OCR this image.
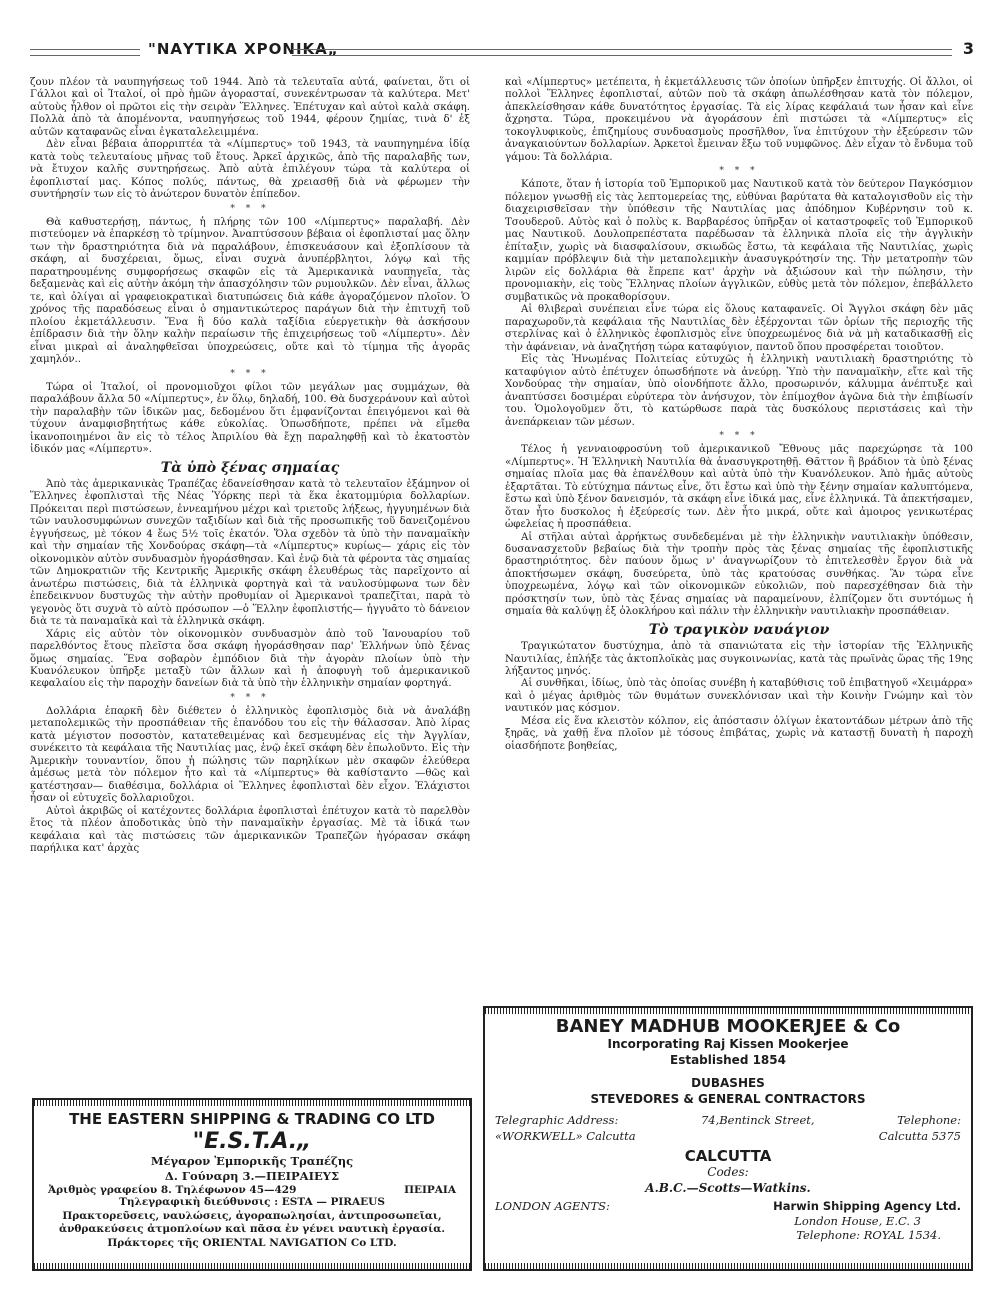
"ΝΑΥΤΙΚΑ ΧΡΟΝΙΚΑ„	3

ζουν πλέον τὰ ναυπηγήσεως τοῦ 1944. Ἀπὸ τὰ τελευταῖα αὐτά, φαίνεται, ὅτι οἱ Γάλλοι καὶ οἱ Ἰταλοί, οἱ πρὸ ἡμῶν ἀγορασταί, συνεκέντρωσαν τὰ καλύτερα. Μετ' αὐτοὺς ἦλθον οἱ πρῶτοι εἰς τὴν σειρὰν Ἕλληνες. Ἐπέτυχαν καὶ αὐτοὶ καλὰ σκάφη. Πολλὰ ἀπὸ τὰ ἀπομένοντα, ναυπηγήσεως τοῦ 1944, φέρουν ζημίας, τινὰ δ' ἐξ αὐτῶν καταφανῶς εἶναι ἐγκαταλελειμμένα.

Δὲν εἶναι βέβαια ἀπορριπτέα τὰ «Λίμπερτυς» τοῦ 1943, τὰ ναυπηγημένα ἰδίᾳ κατὰ τοὺς τελευταίους μῆνας τοῦ ἔτους. Ἀρκεῖ ἀρχικῶς, ἀπὸ τῆς παραλαβῆς των, νὰ ἔτυχον καλῆς συντηρήσεως. Ἀπὸ αὐτὰ ἐπιλέγουν τώρα τὰ καλύτερα οἱ ἐφοπλισταί μας. Κόπος πολύς, πάντως, θὰ χρειασθῇ διὰ νὰ φέρωμεν τὴν συντήρησίν των εἰς τὸ ἀνώτερον δυνατὸν ἐπίπεδον.

* * *

Θὰ καθυστερήσῃ, πάντως, ἡ πλήρης τῶν 100 «Λίμπερτυς» παραλαβή. Δὲν πιστεύομεν νὰ ἐπαρκέσῃ τὸ τρίμηνον. Ἀναπτύσσουν βέβαια οἱ ἐφοπλισταί μας ὅλην των τὴν δραστηριότητα διὰ νὰ παραλάβουν, ἐπισκευάσουν καὶ ἐξοπλίσουν τὰ σκάφη, αἱ δυσχέρειαι, ὅμως, εἶναι συχνὰ ἀνυπέρβλητοι, λόγῳ καὶ τῆς παρατηρουμένης συμφορήσεως σκαφῶν εἰς τὰ Ἀμερικανικὰ ναυπηγεῖα, τὰς δεξαμενὰς καὶ εἰς αὐτὴν ἀκόμη τὴν ἀπασχόλησιν τῶν ρυμουλκῶν. Δὲν εἶναι, ἄλλως τε, καὶ ὀλίγαι αἱ γραφειοκρατικαὶ διατυπώσεις διὰ κάθε ἀγοραζόμενον πλοῖον. Ὁ χρόνος τῆς παραδόσεως εἶναι ὁ σημαντικώτερος παράγων διὰ τὴν ἐπιτυχῆ τοῦ πλοίου ἐκμετάλλευσιν. Ἕνα ἢ δύο καλὰ ταξίδια εὐεργετικὴν θὰ ἀσκήσουν ἐπίδρασιν διὰ τὴν ὅλην καλὴν περαίωσιν τῆς ἐπιχειρήσεως τοῦ «Λίμπερτυ». Δὲν εἶναι μικραὶ αἱ ἀναληφθεῖσαι ὑποχρεώσεις, οὔτε καὶ τὸ τίμημα τῆς ἀγορᾶς χαμηλόν..

* * *

Τώρα οἱ Ἰταλοί, οἱ προνομιοῦχοι φίλοι τῶν μεγάλων μας συμμάχων, θὰ παραλάβουν ἄλλα 50 «Λίμπερτυς», ἐν ὅλῳ, δηλαδή, 100. Θὰ δυσχεράνουν καὶ αὐτοὶ τὴν παραλαβὴν τῶν ἰδικῶν μας, δεδομένου ὅτι ἐμφανίζονται ἐπειγόμενοι καὶ θὰ τύχουν ἀναμφισβητήτως κάθε εὐκολίας. Ὁπωσδήποτε, πρέπει νὰ εἴμεθα ἱκανοποιημένοι ἂν εἰς τὸ τέλος Ἀπριλίου θὰ ἔχῃ παραληφθῇ καὶ τὸ ἑκατοστὸν ἰδικόν μας «Λίμπερτυ».

Τὰ ὑπὸ ξένας σημαίας

Ἀπὸ τὰς ἀμερικανικὰς Τραπέζας ἐδανείσθησαν κατὰ τὸ τελευταῖον ἑξάμηνον οἱ Ἕλληνες ἐφοπλισταὶ τῆς Νέας Ὑόρκης περὶ τὰ ἕκα ἑκατομμύρια δολλαρίων. Πρόκειται περὶ πιστώσεων, ἐννεαμήνου μέχρι καὶ τριετοῦς λήξεως, ἠγγυημένων διὰ τῶν ναυλοσυμφώνων συνεχῶν ταξιδίων καὶ διὰ τῆς προσωπικῆς τοῦ δανειζομένου ἐγγυήσεως, μὲ τόκον 4 ἕως 5½ τοῖς ἑκατόν. Ὅλα σχεδὸν τὰ ὑπὸ τὴν παναμαϊκὴν καὶ τὴν σημαίαν τῆς Χονδούρας σκάφη—τὰ «Λίμπερτυς» κυρίως— χάρις εἰς τὸν οἰκονομικὸν αὐτὸν συνδυασμὸν ἠγοράσθησαν. Καὶ ἐνῷ διὰ τὰ φέροντα τὰς σημαίας τῶν Δημοκρατιῶν τῆς Κεντρικῆς Ἀμερικῆς σκάφη ἐλευθέρως τὰς παρεῖχοντο αἱ ἀνωτέρω πιστώσεις, διὰ τὰ ἑλληνικὰ φορτηγὰ καὶ τὰ ναυλοσύμφωνα των δὲν ἐπεδεικνυον δυστυχῶς τὴν αὐτὴν προθυμίαν οἱ Ἀμερικανοὶ τραπεζῖται, παρὰ τὸ γεγονὸς ὅτι συχνὰ τὸ αὐτὸ πρόσωπον —ὁ Ἕλλην ἐφοπλιστής— ἠγγυᾶτο τὸ δάνειον διὰ τε τὰ παναμαϊκὰ καὶ τὰ ἑλληνικὰ σκάφη.

Χάρις εἰς αὐτὸν τὸν οἰκονομικὸν συνδυασμὸν ἀπὸ τοῦ Ἰανουαρίου τοῦ παρελθόντος ἔτους πλεῖστα ὅσα σκάφη ἠγοράσθησαν παρ' Ἑλλήνων ὑπὸ ξένας ὅμως σημαίας. Ἕνα σοβαρὸν ἐμπόδιον διὰ τὴν ἀγορὰν πλοίων ὑπὸ τὴν Κυανόλευκον ὑπῆρξε μεταξὺ τῶν ἄλλων καὶ ἡ ἀποφυγὴ τοῦ ἀμερικανικοῦ κεφαλαίου εἰς τὴν παροχὴν δανείων διὰ τὰ ὑπὸ τὴν ἑλληνικὴν σημαίαν φορτηγά.

* * *

Δολλάρια ἐπαρκῆ δὲν διέθετεν ὁ ἑλληνικὸς ἐφοπλισμὸς διὰ νὰ ἀναλάβῃ μεταπολεμικῶς τὴν προσπάθειαν τῆς ἐπανόδου του εἰς τὴν θάλασσαν. Ἀπὸ λίρας κατὰ μέγιστον ποσοστὸν, κατατεθειμένας καὶ δεσμευμένας εἰς τὴν Ἀγγλίαν, συνέκειτο τὰ κεφάλαια τῆς Ναυτιλίας μας, ἐνῷ ἐκεῖ σκάφη δὲν ἐπωλοῦντο. Εἰς τὴν Ἀμερικὴν τουναντίον, ὅπου ἡ πώλησις τῶν παρηλίκων μὲν σκαφῶν ἐλεύθερα ἀμέσως μετὰ τὸν πόλεμον ἦτο καὶ τὰ «Λίμπερτυς» θὰ καθίσταντο —θῶς καὶ κατέστησαν— διαθέσιμα, δολλάρια οἱ Ἕλληνες ἐφοπλισταὶ δὲν εἶχον. Ἐλάχιστοι ἦσαν οἱ εὐτυχεῖς δολλαριοῦχοι.

Αὐτοὶ ἀκριβῶς οἱ κατέχοντες δολλάρια ἐφοπλισταὶ ἐπέτυχον κατὰ τὸ παρελθὸν ἔτος τὰ πλέον ἀποδοτικὰς ὑπὸ τὴν παναμαϊκὴν ἐργασίας. Μὲ τὰ ἰδικά των κεφάλαια καὶ τὰς πιστώσεις τῶν ἀμερικανικῶν Τραπεζῶν ἠγόρασαν σκάφη παρήλικα κατ' ἀρχὰς

καὶ «Λίμπερτυς» μετέπειτα, ἡ ἐκμετάλλευσις τῶν ὁποίων ὑπῆρξεν ἐπιτυχής. Οἱ ἄλλοι, οἱ πολλοὶ Ἕλληνες ἐφοπλισταί, αὐτῶν ποὺ τὰ σκάφη ἀπωλέσθησαν κατὰ τὸν πόλεμον, ἀπεκλείσθησαν κάθε δυνατότητος ἐργασίας. Τὰ εἰς λίρας κεφάλαιά των ἦσαν καὶ εἶνε ἄχρηστα. Τώρα, προκειμένου νὰ ἀγοράσουν ἐπὶ πιστώσει τὰ «Λίμπερτυς» εἰς τοκογλυφικοὺς, ἐπιζημίους συνδυασμοὺς προσῆλθον, ἵνα ἐπιτύχουν τὴν ἐξεύρεσιν τῶν ἀναγκαιούντων δολλαρίων. Ἀρκετοὶ ἔμειναν ἔξω τοῦ νυμφῶνος. Δὲν εἶχαν τὸ ἔνδυμα τοῦ γάμου: Τὰ δολλάρια.

* * *

Κάποτε, ὅταν ἡ ἱστορία τοῦ Ἐμπορικοῦ μας Ναυτικοῦ κατὰ τὸν δεύτερον Παγκόσμιον πόλεμον γνωσθῇ εἰς τὰς λεπτομερείας της, εὐθύναι βαρύτατα θὰ καταλογισθοῦν εἰς τὴν διαχειρισθεῖσαν τὴν ὑπόθεσιν τῆς Ναυτιλίας μας ἀπόδημον Κυβέρνησιν τοῦ κ. Τσουδεροῦ. Αὐτὸς καὶ ὁ πολὺς κ. Βαρβαρέσος ὑπῆρξαν οἱ καταστροφεῖς τοῦ Ἐμπορικοῦ μας Ναυτικοῦ. Δουλοπρεπέστατα παρέδωσαν τὰ ἑλληνικὰ πλοῖα εἰς τὴν ἀγγλικὴν ἐπίταξιν, χωρὶς νὰ διασφαλίσουν, σκιωδῶς ἔστω, τὰ κεφάλαια τῆς Ναυτιλίας, χωρὶς καμμίαν πρόβλεψιν διὰ τὴν μεταπολεμικὴν ἀνασυγκρότησίν της. Τὴν μετατροπὴν τῶν λιρῶν εἰς δολλάρια θὰ ἔπρεπε κατ' ἀρχὴν νὰ ἀξιώσουν καὶ τὴν πώλησιν, τὴν προνομιακὴν, εἰς τοὺς Ἕλληνας πλοίων ἀγγλικῶν, εὐθὺς μετὰ τὸν πόλεμον, ἐπεβάλλετο συμβατικῶς νὰ προκαθορίσουν.

Αἱ θλιβεραὶ συνέπειαι εἶνε τώρα εἰς ὅλους καταφανεῖς. Οἱ Ἄγγλοι σκάφη δὲν μᾶς παραχωροῦν,τὰ κεφάλαια τῆς Ναυτιλίας δὲν ἐξέρχονται τῶν ὁρίων τῆς περιοχῆς τῆς στερλίνας καὶ ὁ ἑλληνικὸς ἐφοπλισμὸς εἶνε ὑποχρεωμένος διὰ νὰ μὴ καταδικασθῇ εἰς τὴν ἀφάνειαν, νὰ ἀναζητήσῃ τώρα καταφύγιον, παντοῦ ὅπου προσφέρεται τοιοῦτον.

Εἰς τὰς Ἡνωμένας Πολιτείας εὐτυχῶς ἡ ἑλληνικὴ ναυτιλιακὴ δραστηριότης τὸ καταφύγιον αὐτὸ ἐπέτυχεν ὁπωσδήποτε νὰ ἀνεύρῃ. Ὑπὸ τὴν παναμαϊκὴν, εἴτε καὶ τῆς Χονδούρας τὴν σημαίαν, ὑπὸ οἱονδήποτε ἄλλο, προσωρινόν, κάλυμμα ἀνέπτυξε καὶ ἀναπτύσσει δοσιμέραι εὐρύτερα τὸν ἀνήσυχον, τὸν ἐπίμοχθον ἀγῶνα διὰ τὴν ἐπιβίωσίν του. Ὁμολογοῦμεν ὅτι, τὸ κατώρθωσε παρὰ τὰς δυσκόλους περιστάσεις καὶ τὴν ἀνεπάρκειαν τῶν μέσων.

* * *

Τέλος ἡ γενναιοφροσύνη τοῦ ἀμερικανικοῦ Ἔθνους μᾶς παρεχώρησε τὰ 100 «Λίμπερτυς». Ἡ Ἑλληνικὴ Ναυτιλία θὰ ἀνασυγκροτηθῇ. Θᾶττον ἢ βράδιον τὰ ὑπὸ ξένας σημαίας πλοῖα μας θὰ ἐπανέλθουν καὶ αὐτὰ ὑπὸ τὴν Κυανόλευκον. Ἀπὸ ἡμᾶς αὐτοὺς ἐξαρτᾶται. Τὸ εὐτύχημα πάντως εἶνε, ὅτι ἔστω καὶ ὑπὸ τὴν ξένην σημαίαν καλυπτόμενα, ἔστω καὶ ὑπὸ ξένον δανεισμόν, τὰ σκάφη εἶνε ἰδικά μας, εἶνε ἑλληνικά. Τὰ ἀπεκτήσαμεν, ὅταν ἦτο δυσκολος ἡ ἐξεύρεσίς των. Δὲν ἦτο μικρά, οὔτε καὶ ἀμοιρος γενικωτέρας ὠφελείας ἡ προσπάθεια.

Αἱ στῆλαι αὐταὶ ἀρρήκτως συνδεδεμέναι μὲ τὴν ἑλληνικὴν ναυτιλιακὴν ὑπόθεσιν, δυσανασχετοῦν βεβαίως διὰ τὴν τροπὴν πρὸς τὰς ξένας σημαίας τῆς ἐφοπλιστικῆς δραστηριότητος. δὲν παύουν ὅμως ν' ἀναγνωρίζουν τὸ ἐπιτελεσθὲν ἔργον διὰ νὰ ἀποκτήσωμεν σκάφη, δυσεύρετα, ὑπὸ τὰς κρατούσας συνθήκας. Ἂν τώρα εἶνε ὑποχρεωμένα, λόγῳ καὶ τῶν οἰκονομικῶν εὐκολιῶν, ποὺ παρεσχέθησαν διὰ τὴν πρόσκτησίν των, ὑπὸ τὰς ξένας σημαίας νὰ παραμείνουν, ἐλπίζομεν ὅτι συντόμως ἡ σημαία θὰ καλύψῃ ἐξ ὁλοκλήρου καὶ πάλιν τὴν ἑλληνικὴν ναυτιλιακὴν προσπάθειαν.

Τὸ τραγικὸν ναυάγιον

Τραγικώτατον δυστύχημα, ἀπὸ τὰ σπανιώτατα εἰς τὴν ἱστορίαν τῆς Ἑλληνικῆς Ναυτιλίας, ἐπλήξε τὰς ἀκτοπλοϊκὰς μας συγκοινωνίας, κατὰ τὰς πρωϊνὰς ὥρας τῆς 19ης λήξαντος μηνός.

Αἱ συνθῆκαι, ἰδίως, ὑπὸ τὰς ὁποίας συνέβη ἡ καταβύθισις τοῦ ἐπιβατηγοῦ «Χειμάρρα» καὶ ὁ μέγας ἀριθμὸς τῶν θυμάτων συνεκλόνισαν ικαὶ τὴν Κοινὴν Γνώμην καὶ τὸν ναυτικόν μας κόσμον.

Μέσα εἰς ἕνα κλειστὸν κόλπον, εἰς ἀπόστασιν ὀλίγων ἑκατοντάδων μέτρων ἀπὸ τῆς ξηρᾶς, νὰ χαθῇ ἕνα πλοῖον μὲ τόσους ἐπιβάτας, χωρὶς νὰ καταστῇ δυνατὴ ἡ παροχὴ οἱασδήποτε βοηθείας,

THE EASTERN SHIPPING & TRADING CO LTD
"E.S.T.A.„
Μέγαρον Ἐμπορικῆς Τραπέζης
Δ. Γούναρη 3.—ΠΕΙΡΑΙΕΥΣ
Ἀριθμὸς γραφείου 8. Τηλέφωνον 45—429	ΠΕΙΡΑΙΑ
Τηλεγραφικὴ διεύθυνσις : ESTA — PIRAEUS
Πρακτορεῦσεις, ναυλώσεις, ἀγοραπωλησίαι, ἀντιπροσωπεῖαι, ἀνθρακεύσεις ἀτμοπλοίων καὶ πᾶσα ἐν γένει ναυτικὴ ἐργασία.
Πράκτορες τῆς ORIENTAL NAVIGATION Co LTD.
BANEY MADHUB MOOKERJEE & Co
Incorporating Raj Kissen Mookerjee
Established 1854
DUBASHES
STEVEDORES & GENERAL CONTRACTORS
Telegraphic Address:	74,Bentinck Street,	Telephone:
«WORKWELL» Calcutta	Calcutta 5375
CALCUTTA
Codes:
A.B.C.—Scotts—Watkins.
LONDON AGENTS:	Harwin Shipping Agency Ltd.
London House, E.C. 3
Telephone: ROYAL 1534.
